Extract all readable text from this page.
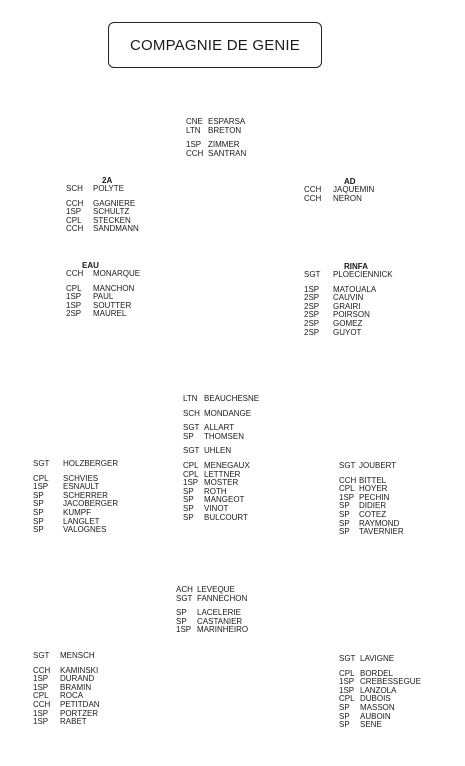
COMPAGNIE DE GENIE
CNE ESPARSA
LTN BRETON
1SP ZIMMER
CCH SANTRAN
2A
SCH	POLYTE
CCH	GAGNIERE
1SP	SCHULTZ
CPL	STECKEN
CCH	SANDMANN
AD
CCH	JAQUEMIN
CCH	NERON
EAU
CCH	MONARQUE
CPL	MANCHON
1SP	PAUL
1SP	SOUTTER
2SP	MAUREL
RINFA
SGT	PLOECIENNICK
1SP	MATOUALA
2SP	CAUVIN
2SP	GRAIRI
2SP	POIRSON
2SP	GOMEZ
2SP	GUYOT
LTN BEAUCHESNE
SCH MONDANGE
SGT ALLART
SP	THOMSEN
SGT UHLEN
CPL MENEGAUX
CPL LETTNER
1SP MOSTER
SP	ROTH
SP	MANGEOT
SP	VINOT
SP	BULCOURT
SGT	HOLZBERGER
CPL	SCHVIES
1SP	ESNAULT
SP	SCHERRER
SP	JACOBERGER
SP	KUMPF
SP	LANGLET
SP	VALOGNES
SGT JOUBERT
CCH BITTEL
CPL HOYER
1SP PECHIN
SP	DIDIER
SP	COTEZ
SP	RAYMOND
SP	TAVERNIER
ACH LEVEQUE
SGT FANNECHON
SP	LACELERIE
SP	CASTANIER
1SP MARINHEIRO
SGT	MENSCH
CCH	KAMINSKI
1SP	DURAND
1SP	BRAMIN
CPL	ROCA
CCH	PETITDAN
1SP	PORTZER
1SP	RABET
SGT LAVIGNE
CPL BORDEL
1SP CREBESSEGUE
1SP LANZOLA
CPL DUBOIS
SP	MASSON
SP	AUBOIN
SP	SENE
